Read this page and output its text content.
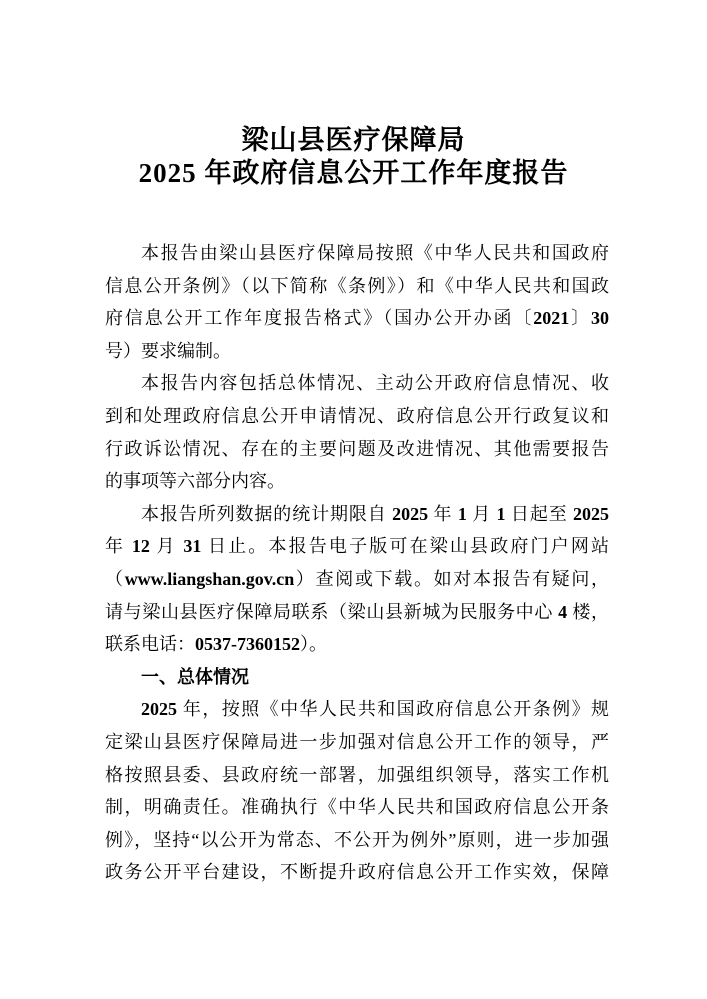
梁山县医疗保障局
2025 年政府信息公开工作年度报告
本报告由梁山县医疗保障局按照《中华人民共和国政府
信息公开条例》（以下简称《条例》）和《中华人民共和国政
府信息公开工作年度报告格式》（国办公开办函〔2021〕30
号）要求编制。
本报告内容包括总体情况、主动公开政府信息情况、收
到和处理政府信息公开申请情况、政府信息公开行政复议和
行政诉讼情况、存在的主要问题及改进情况、其他需要报告
的事项等六部分内容。
本报告所列数据的统计期限自 2025 年 1 月 1 日起至 2025
年 12 月 31 日止。本报告电子版可在梁山县政府门户网站
（www.liangshan.gov.cn）查阅或下载。如对本报告有疑问，
请与梁山县医疗保障局联系（梁山县新城为民服务中心 4 楼，
联系电话：0537-7360152）。
一、总体情况
2025 年，按照《中华人民共和国政府信息公开条例》规
定梁山县医疗保障局进一步加强对信息公开工作的领导，严
格按照县委、县政府统一部署，加强组织领导，落实工作机
制，明确责任。准确执行《中华人民共和国政府信息公开条
例》，坚持“以公开为常态、不公开为例外”原则，进一步加强
政务公开平台建设，不断提升政府信息公开工作实效，保障
